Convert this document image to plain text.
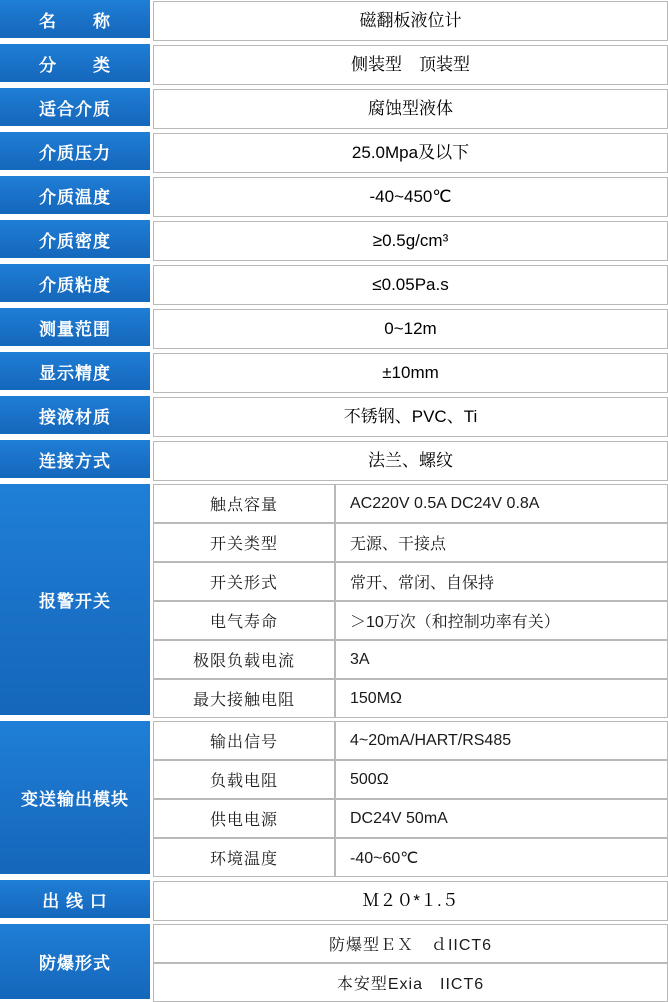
名　　称	磁翻板液位计

分　　类	侧装型　顶装型

适合介质	腐蚀型液体

介质压力	25.0Mpa及以下

介质温度	-40~450℃

介质密度	≥0.5g/cm³

介质粘度	≤0.05Pa.s

测量范围	0~12m

显示精度	±10mm

接液材质	不锈钢、PVC、Ti

连接方式	法兰、螺纹

报警开关	
触点容量	AC220V 0.5A DC24V 0.8A
开关类型	无源、干接点
开关形式	常开、常闭、自保持
电气寿命	＞10万次（和控制功率有关）
极限负载电流	3A
最大接触电阻	150MΩ

变送输出模块	
输出信号	4~20mA/HART/RS485
负载电阻	500Ω
供电电源	DC24V 50mA
环境温度	-40~60℃

出 线 口	Ｍ２０*１.５

防爆形式	
防爆型ＥＸ　ｄIICT6
本安型Exia　IICT6
